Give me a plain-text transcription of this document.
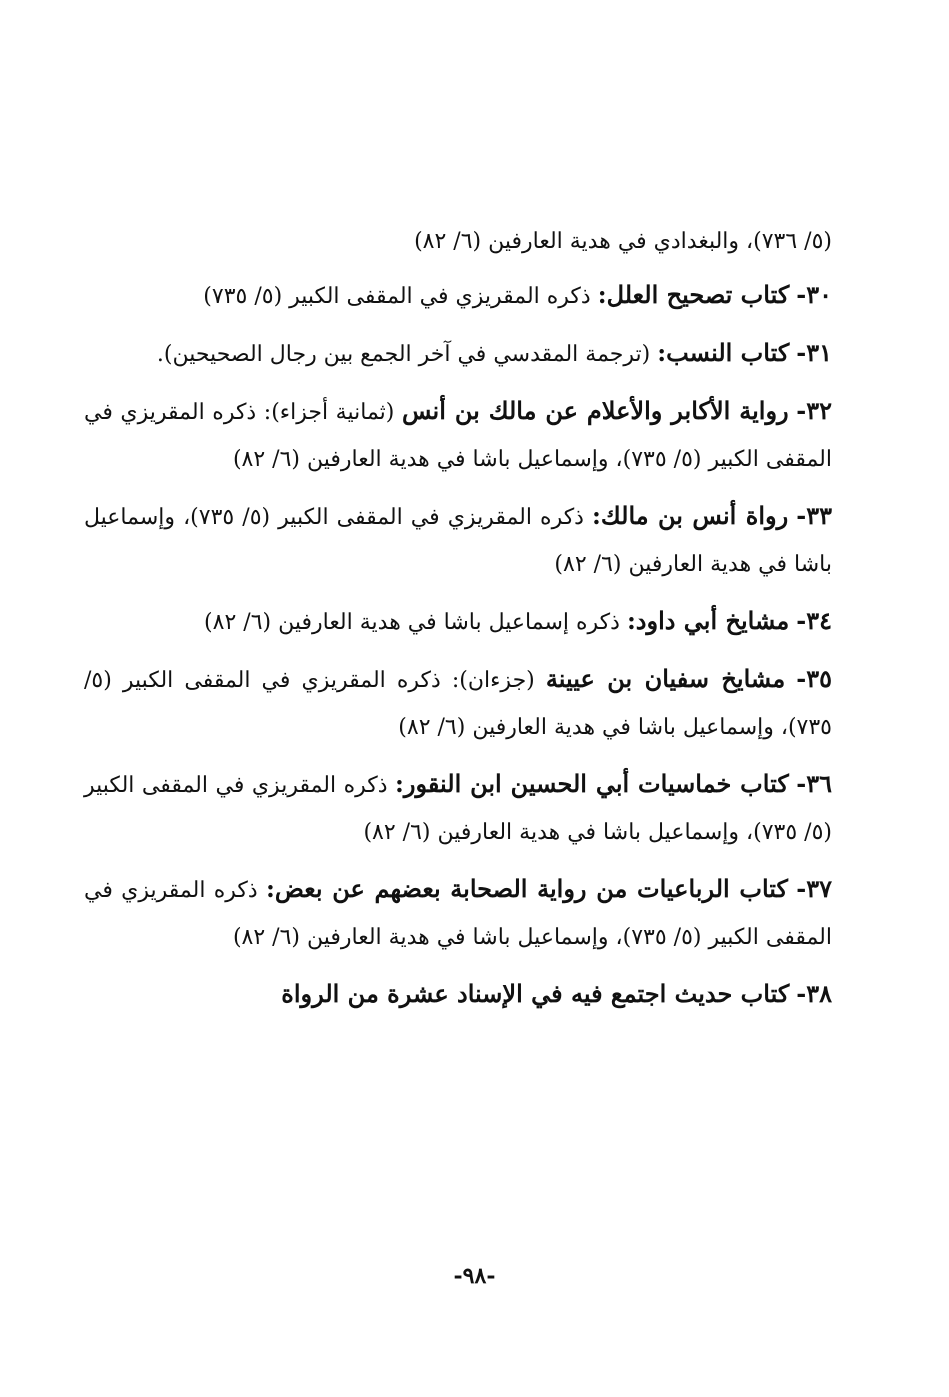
(٥/ ٧٣٦)، والبغدادي في هدية العارفين (٦/ ٨٢)

٣٠- كتاب تصحيح العلل: ذكره المقريزي في المقفى الكبير (٥/ ٧٣٥)

٣١- كتاب النسب: (ترجمة المقدسي في آخر الجمع بين رجال الصحيحين).

٣٢- رواية الأكابر والأعلام عن مالك بن أنس (ثمانية أجزاء): ذكره المقريزي في المقفى الكبير (٥/ ٧٣٥)، وإسماعيل باشا في هدية العارفين (٦/ ٨٢)

٣٣- رواة أنس بن مالك: ذكره المقريزي في المقفى الكبير (٥/ ٧٣٥)، وإسماعيل باشا في هدية العارفين (٦/ ٨٢)

٣٤- مشايخ أبي داود: ذكره إسماعيل باشا في هدية العارفين (٦/ ٨٢)

٣٥- مشايخ سفيان بن عيينة (جزءان): ذكره المقريزي في المقفى الكبير (٥/ ٧٣٥)، وإسماعيل باشا في هدية العارفين (٦/ ٨٢)

٣٦- كتاب خماسيات أبي الحسين ابن النقور: ذكره المقريزي في المقفى الكبير (٥/ ٧٣٥)، وإسماعيل باشا في هدية العارفين (٦/ ٨٢)

٣٧- كتاب الرباعيات من رواية الصحابة بعضهم عن بعض: ذكره المقريزي في المقفى الكبير (٥/ ٧٣٥)، وإسماعيل باشا في هدية العارفين (٦/ ٨٢)

٣٨- كتاب حديث اجتمع فيه في الإسناد عشرة من الرواة

-٩٨-
